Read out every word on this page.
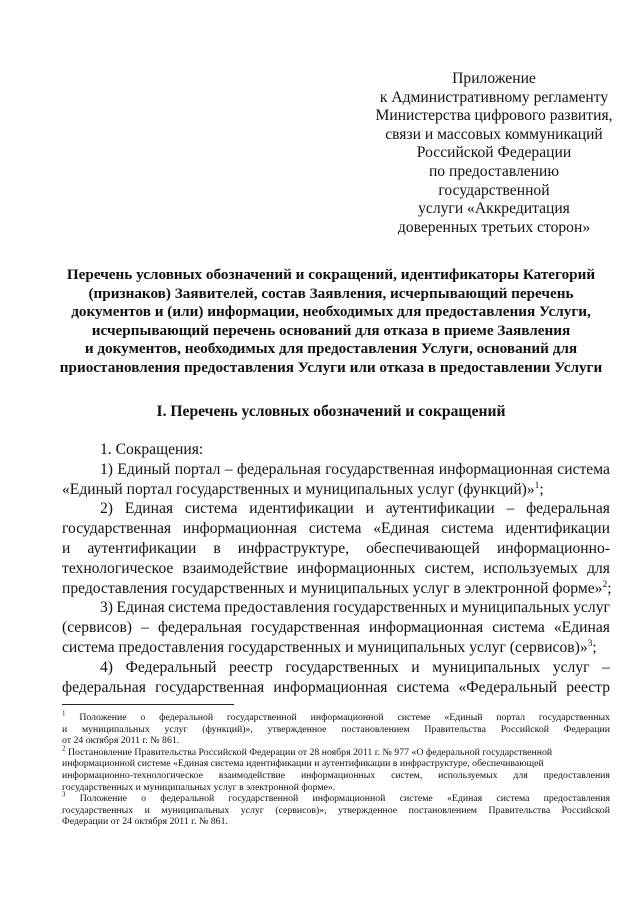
Приложение
к Административному регламенту
Министерства цифрового развития,
связи и массовых коммуникаций
Российской Федерации
по предоставлению
государственной
услуги «Аккредитация
доверенных третьих сторон»
Перечень условных обозначений и сокращений, идентификаторы Категорий
(признаков) Заявителей, состав Заявления, исчерпывающий перечень
документов и (или) информации, необходимых для предоставления Услуги,
исчерпывающий перечень оснований для отказа в приеме Заявления
и документов, необходимых для предоставления Услуги, оснований для
приостановления предоставления Услуги или отказа в предоставлении Услуги
I. Перечень условных обозначений и сокращений
1. Сокращения:
1) Единый портал – федеральная государственная информационная система
«Единый портал государственных и муниципальных услуг (функций)»$^1$;
2) Единая система идентификации и аутентификации – федеральная
государственная информационная система «Единая система идентификации
и аутентификации в инфраструктуре, обеспечивающей информационно-
технологическое взаимодействие информационных систем, используемых для
предоставления государственных и муниципальных услуг в электронной форме»$^2$;
3) Единая система предоставления государственных и муниципальных услуг
(сервисов) – федеральная государственная информационная система «Единая
система предоставления государственных и муниципальных услуг (сервисов)»$^3$;
4) Федеральный реестр государственных и муниципальных услуг –
федеральная государственная информационная система «Федеральный реестр
$^1$ Положение о федеральной государственной информационной системе «Единый портал государственных
и муниципальных услуг (функций)», утвержденное постановлением Правительства Российской Федерации
от 24 октября 2011 г. № 861.
$^2$ Постановление Правительства Российской Федерации от 28 ноября 2011 г. № 977 «О федеральной государственной
информационной системе «Единая система идентификации и аутентификации в инфраструктуре, обеспечивающей
информационно-технологическое взаимодействие информационных систем, используемых для предоставления
государственных и муниципальных услуг в электронной форме».
$^3$ Положение о федеральной государственной информационной системе «Единая система предоставления
государственных и муниципальных услуг (сервисов)», утвержденное постановлением Правительства Российской
Федерации от 24 октября 2011 г. № 861.
